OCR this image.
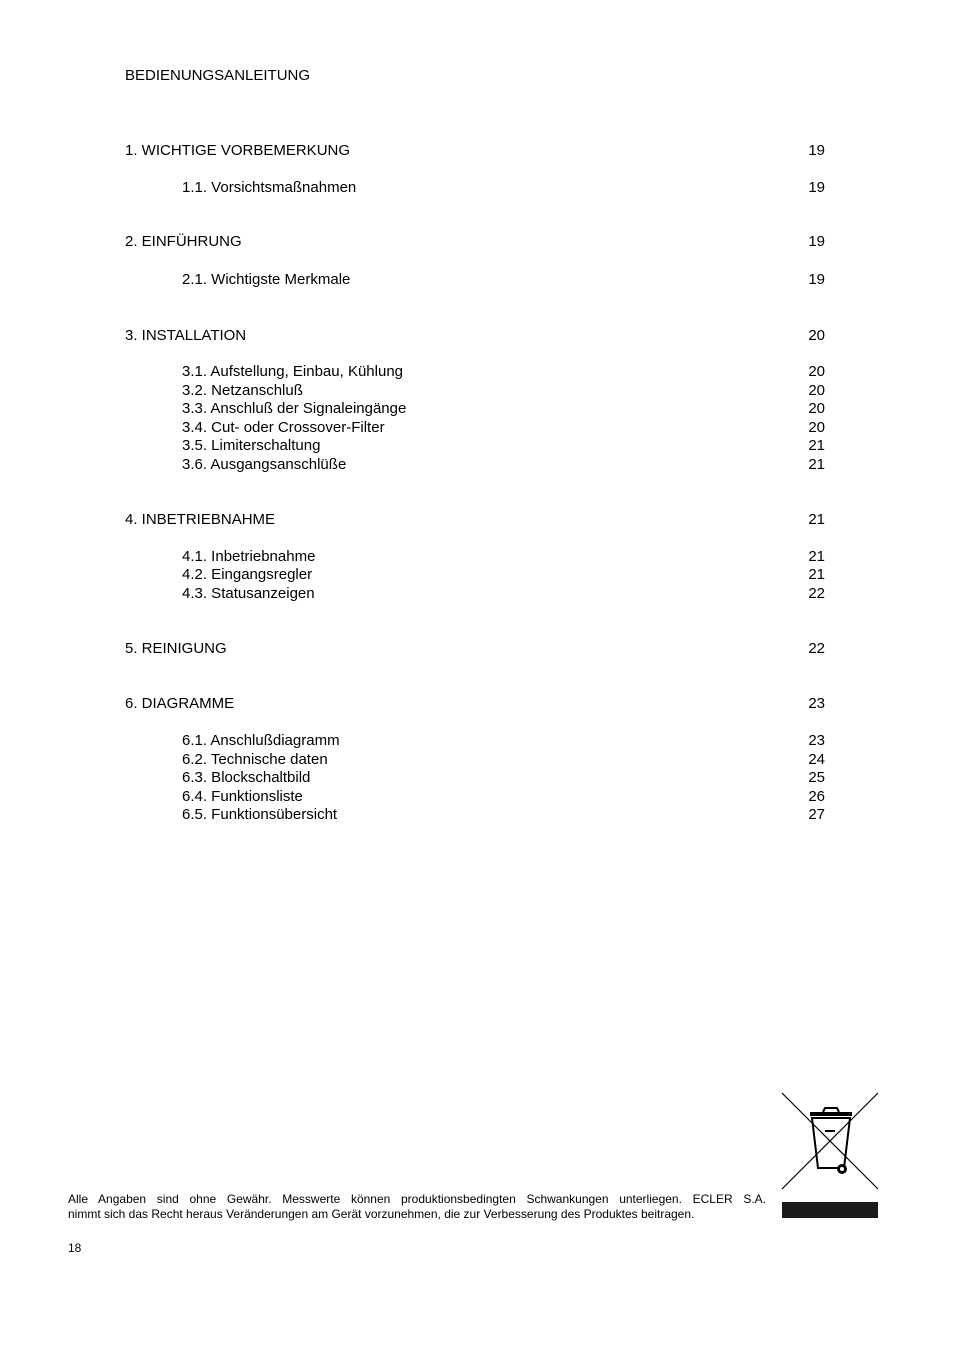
BEDIENUNGSANLEITUNG
1. WICHTIGE VORBEMERKUNG	19
1.1. Vorsichtsmaßnahmen	19
2. EINFÜHRUNG	19
2.1. Wichtigste Merkmale	19
3. INSTALLATION	20
3.1. Aufstellung, Einbau, Kühlung	20
3.2. Netzanschluß	20
3.3. Anschluß der Signaleingänge	20
3.4. Cut- oder Crossover-Filter	20
3.5. Limiterschaltung	21
3.6. Ausgangsanschlüße	21
4. INBETRIEBNAHME	21
4.1. Inbetriebnahme	21
4.2. Eingangsregler	21
4.3. Statusanzeigen	22
5. REINIGUNG	22
6. DIAGRAMME	23
6.1. Anschlußdiagramm	23
6.2. Technische daten	24
6.3. Blockschaltbild	25
6.4. Funktionsliste	26
6.5. Funktionsübersicht	27
Alle Angaben sind ohne Gewähr. Messwerte können produktionsbedingten Schwankungen unterliegen. ECLER S.A.
nimmt sich das Recht heraus Veränderungen am Gerät vorzunehmen, die zur Verbesserung des Produktes beitragen.
18
